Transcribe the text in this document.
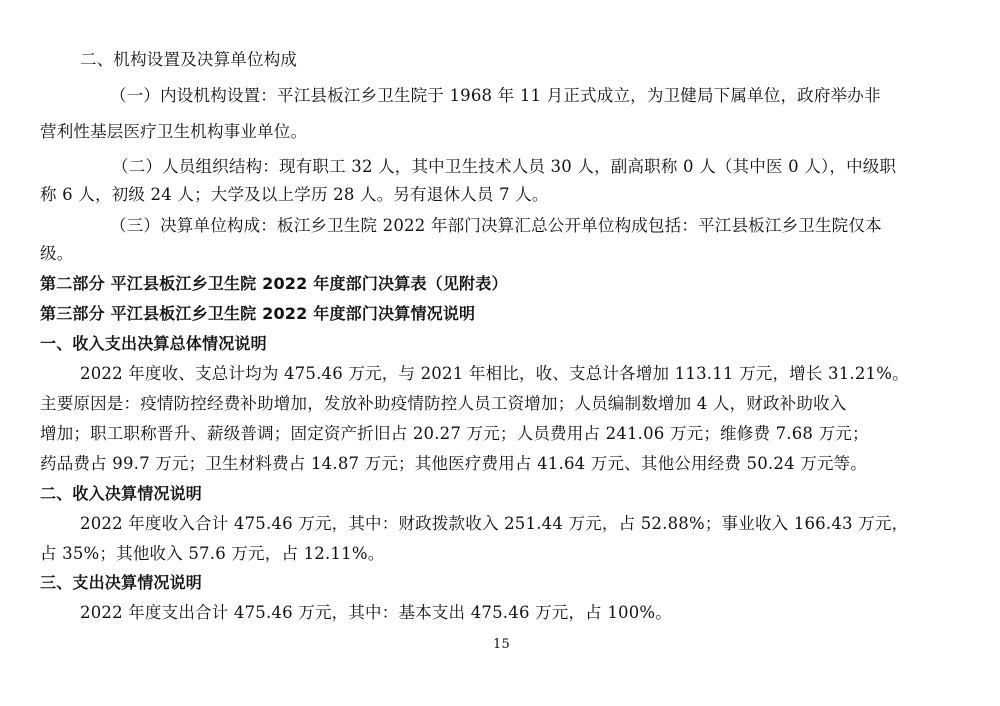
二、机构设置及决算单位构成
（一）内设机构设置：平江县板江乡卫生院于 1968 年 11 月正式成立，为卫健局下属单位，政府举办非
营利性基层医疗卫生机构事业单位。
（二）人员组织结构：现有职工 32 人，其中卫生技术人员 30 人，副高职称 0 人（其中医 0 人），中级职
称 6 人，初级 24 人；大学及以上学历 28 人。另有退休人员 7 人。
（三）决算单位构成：板江乡卫生院 2022 年部门决算汇总公开单位构成包括：平江县板江乡卫生院仅本
级。
第二部分 平江县板江乡卫生院 2022 年度部门决算表（见附表）
第三部分 平江县板江乡卫生院 2022 年度部门决算情况说明
一、收入支出决算总体情况说明
2022 年度收、支总计均为 475.46 万元，与 2021 年相比，收、支总计各增加 113.11 万元，增长 31.21%。
主要原因是：疫情防控经费补助增加，发放补助疫情防控人员工资增加；人员编制数增加 4 人，财政补助收入
增加；职工职称晋升、薪级普调；固定资产折旧占 20.27 万元；人员费用占 241.06 万元；维修费 7.68 万元；
药品费占 99.7 万元；卫生材料费占 14.87 万元；其他医疗费用占 41.64 万元、其他公用经费 50.24 万元等。
二、收入决算情况说明
2022 年度收入合计 475.46 万元，其中：财政拨款收入 251.44 万元，占 52.88%；事业收入 166.43 万元，
占 35%；其他收入 57.6 万元，占 12.11%。
三、支出决算情况说明
2022 年度支出合计 475.46 万元，其中：基本支出 475.46 万元，占 100%。
15
